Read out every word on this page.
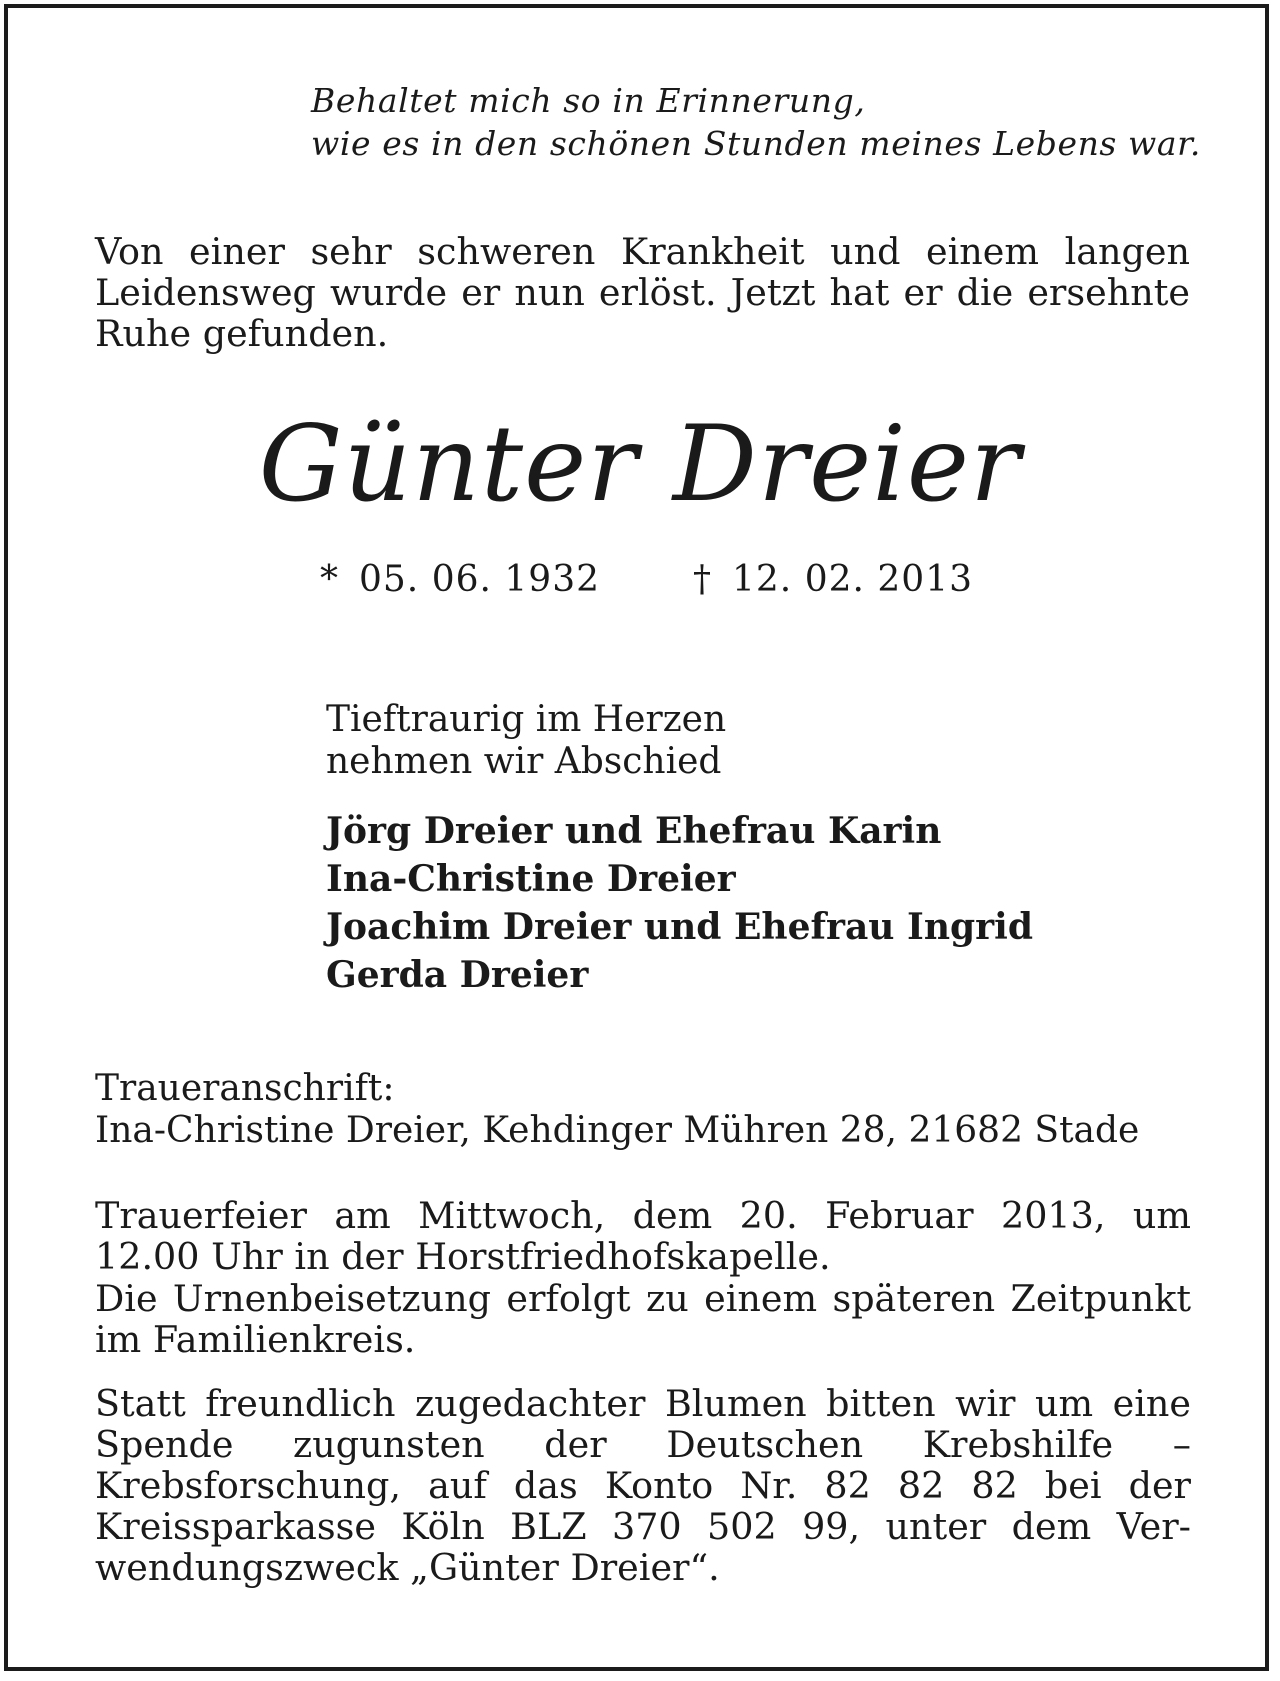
Behaltet mich so in Erinnerung,
wie es in den schönen Stunden meines Lebens war.

Von einer sehr schweren Krankheit und einem langen Leidensweg wurde er nun erlöst. Jetzt hat er die ersehnte Ruhe gefunden.

Günter Dreier
* 05. 06. 1932	† 12. 02. 2013
Tieftraurig im Herzen
nehmen wir Abschied
Jörg Dreier und Ehefrau Karin
Ina-Christine Dreier
Joachim Dreier und Ehefrau Ingrid
Gerda Dreier
Traueranschrift:
Ina-Christine Dreier, Kehdinger Mühren 28, 21682 Stade

Trauerfeier am Mittwoch, dem 20. Februar 2013, um 12.00 Uhr in der Horstfriedhofskapelle.

Die Urnenbeisetzung erfolgt zu einem späteren Zeitpunkt im Familienkreis.

Statt freundlich zugedachter Blumen bitten wir um eine Spende zugunsten der Deutschen Krebshilfe – Krebsforschung, auf das Konto Nr. 82 82 82 bei der Kreissparkasse Köln BLZ 370 502 99, unter dem Verwendungszweck „Günter Dreier“.
